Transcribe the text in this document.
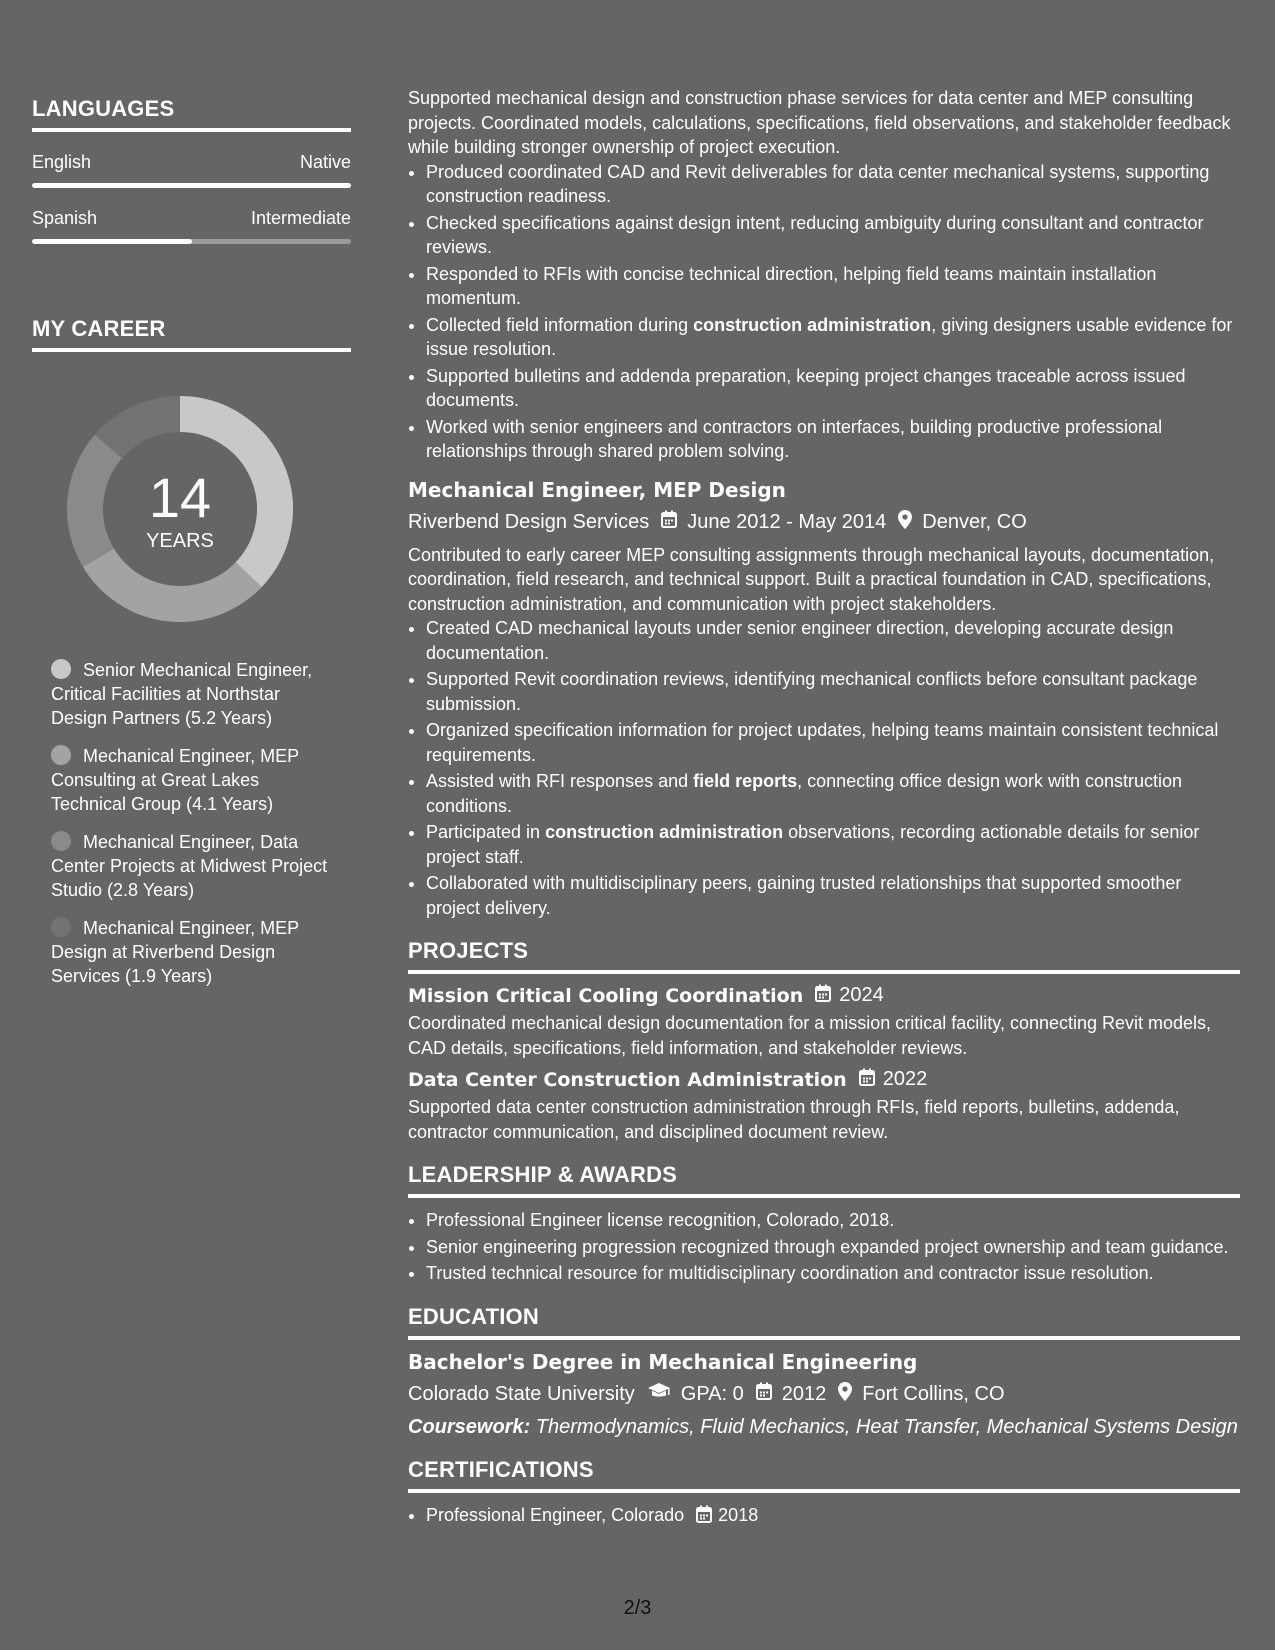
LANGUAGES
English	Native
Spanish	Intermediate
MY CAREER
14
YEARS
Senior Mechanical Engineer, Critical Facilities at Northstar Design Partners (5.2 Years)
Mechanical Engineer, MEP Consulting at Great Lakes Technical Group (4.1 Years)
Mechanical Engineer, Data Center Projects at Midwest Project Studio (2.8 Years)
Mechanical Engineer, MEP Design at Riverbend Design Services (1.9 Years)

Supported mechanical design and construction phase services for data center and MEP consulting projects. Coordinated models, calculations, specifications, field observations, and stakeholder feedback while building stronger ownership of project execution.

• Produced coordinated CAD and Revit deliverables for data center mechanical systems, supporting construction readiness.
• Checked specifications against design intent, reducing ambiguity during consultant and contractor reviews.
• Responded to RFIs with concise technical direction, helping field teams maintain installation momentum.
• Collected field information during construction administration, giving designers usable evidence for issue resolution.
• Supported bulletins and addenda preparation, keeping project changes traceable across issued documents.
• Worked with senior engineers and contractors on interfaces, building productive professional relationships through shared problem solving.
Mechanical Engineer, MEP Design
Riverbend Design Services June 2012 - May 2014 Denver, CO

Contributed to early career MEP consulting assignments through mechanical layouts, documentation, coordination, field research, and technical support. Built a practical foundation in CAD, specifications, construction administration, and communication with project stakeholders.

• Created CAD mechanical layouts under senior engineer direction, developing accurate design documentation.
• Supported Revit coordination reviews, identifying mechanical conflicts before consultant package submission.
• Organized specification information for project updates, helping teams maintain consistent technical requirements.
• Assisted with RFI responses and field reports, connecting office design work with construction conditions.
• Participated in construction administration observations, recording actionable details for senior project staff.
• Collaborated with multidisciplinary peers, gaining trusted relationships that supported smoother project delivery.
PROJECTS
Mission Critical Cooling Coordination 2024

Coordinated mechanical design documentation for a mission critical facility, connecting Revit models, CAD details, specifications, field information, and stakeholder reviews.

Data Center Construction Administration 2022

Supported data center construction administration through RFIs, field reports, bulletins, addenda, contractor communication, and disciplined document review.

LEADERSHIP & AWARDS
• Professional Engineer license recognition, Colorado, 2018.
• Senior engineering progression recognized through expanded project ownership and team guidance.
• Trusted technical resource for multidisciplinary coordination and contractor issue resolution.
EDUCATION
Bachelor's Degree in Mechanical Engineering
Colorado State University GPA: 0 2012 Fort Collins, CO
Coursework: Thermodynamics, Fluid Mechanics, Heat Transfer, Mechanical Systems Design
CERTIFICATIONS
• Professional Engineer, Colorado 2018
2/3
